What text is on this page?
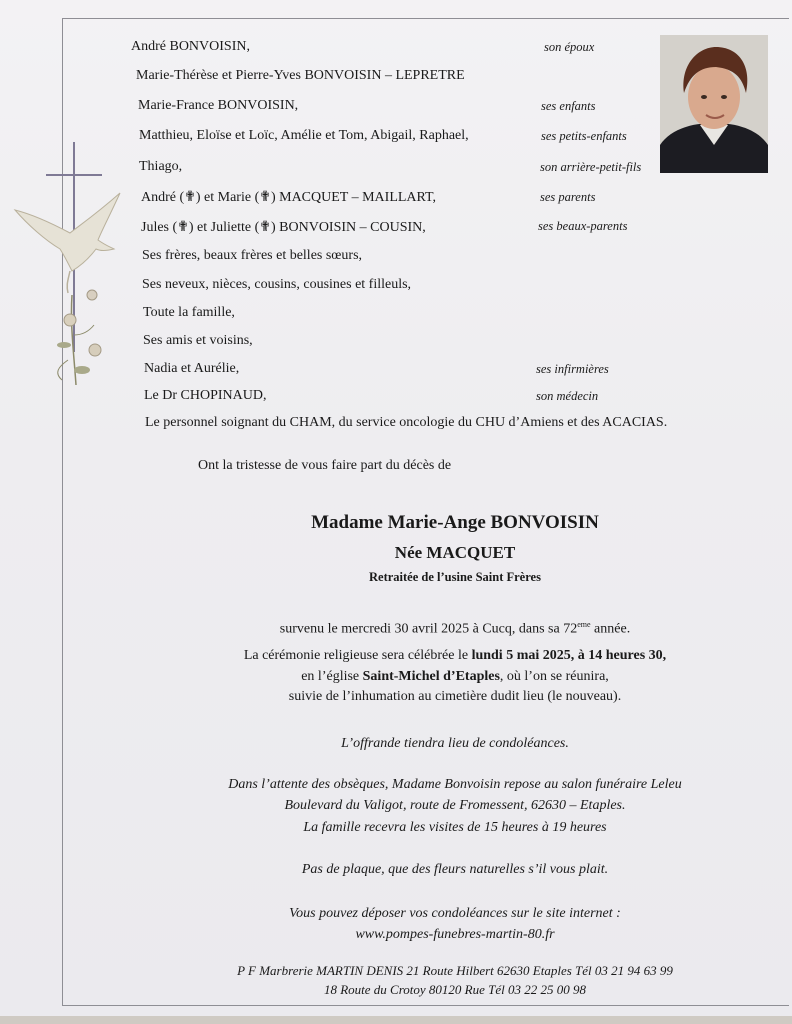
André BONVOISIN,	son époux
Marie-Thérèse et Pierre-Yves BONVOISIN – LEPRETRE
Marie-France BONVOISIN,	ses enfants
Matthieu, Eloïse et Loïc, Amélie et Tom, Abigail, Raphael,	ses petits-enfants
Thiago,	son arrière-petit-fils
André (✟) et Marie (✟) MACQUET – MAILLART,	ses parents
Jules (✟) et Juliette (✟) BONVOISIN – COUSIN,	ses beaux-parents
Ses frères, beaux frères et belles sœurs,
Ses neveux, nièces, cousins, cousines et filleuls,
Toute la famille,
Ses amis et voisins,
Nadia et Aurélie,	ses infirmières
Le Dr CHOPINAUD,	son médecin
Le personnel soignant du CHAM, du service oncologie du CHU d’Amiens et des ACACIAS.
Ont la tristesse de vous faire part du décès de
Madame Marie-Ange BONVOISIN
Née MACQUET
Retraitée de l’usine Saint Frères
survenu le mercredi 30 avril 2025 à Cucq, dans sa 72eme année.
La cérémonie religieuse sera célébrée le lundi 5 mai 2025, à 14 heures 30,
en l’église Saint-Michel d’Etaples, où l’on se réunira,
suivie de l’inhumation au cimetière dudit lieu (le nouveau).
L’offrande tiendra lieu de condoléances.
Dans l’attente des obsèques, Madame Bonvoisin repose au salon funéraire Leleu
Boulevard du Valigot, route de Fromessent, 62630 – Etaples.
La famille recevra les visites de 15 heures à 19 heures
Pas de plaque, que des fleurs naturelles s’il vous plait.
Vous pouvez déposer vos condoléances sur le site internet :
www.pompes-funebres-martin-80.fr
P F Marbrerie MARTIN DENIS 21 Route Hilbert 62630 Etaples Tél 03 21 94 63 99
18 Route du Crotoy 80120 Rue Tél 03 22 25 00 98
